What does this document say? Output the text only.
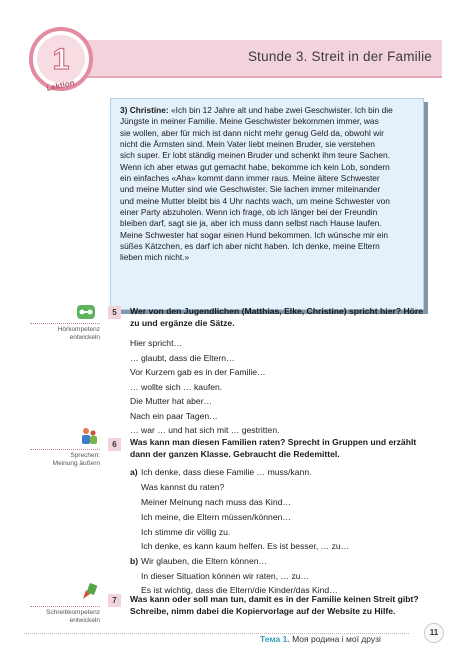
Stunde 3. Streit in der Familie
1
Lektion
3) Christine: «Ich bin 12 Jahre alt und habe zwei Geschwister. Ich bin die
Jüngste in meiner Familie. Meine Geschwister bekommen immer, was
sie wollen, aber für mich ist dann nicht mehr genug Geld da, obwohl wir
nicht die Ärmsten sind. Mein Vater liebt meinen Bruder, sie verstehen
sich super. Er lobt ständig meinen Bruder und schenkt ihm teure Sachen.
Wenn ich aber etwas gut gemacht habe, bekomme ich kein Lob, sondern
ein einfaches «Aha» kommt dann immer raus. Meine ältere Schwester
und meine Mutter sind wie Geschwister. Sie lachen immer miteinander
und meine Mutter bleibt bis 4 Uhr nachts wach, um meine Schwester von
einer Party abzuholen. Wenn ich frage, ob ich länger bei der Freundin
bleiben darf, sagt sie ja, aber ich muss dann selbst nach Hause laufen.
Meine Schwester hat sogar einen Hund bekommen. Ich wünsche mir ein
süßes Kätzchen, es darf ich aber nicht haben. Ich denke, meine Eltern
lieben mich nicht.»
Hörkompetenz
entwickeln
5	Wer von den Jugendlichen (Matthias, Elke, Christine) spricht hier? Höre
zu und ergänze die Sätze.
Hier spricht…
… glaubt, dass die Eltern…
Vor Kurzem gab es in der Familie…
… wollte sich … kaufen.
Die Mutter hat aber…
Nach ein paar Tagen…
… war … und hat sich mit … gestritten.
Sprechen:
Meinung äußern
6	Was kann man diesen Familien raten? Sprecht in Gruppen und erzählt
dann der ganzen Klasse. Gebraucht die Redemittel.
a) Ich denke, dass diese Familie … muss/kann.
Was kannst du raten?
Meiner Meinung nach muss das Kind…
Ich meine, die Eltern müssen/können…
Ich stimme dir völlig zu.
Ich denke, es kann kaum helfen. Es ist besser, … zu…
b) Wir glauben, die Eltern können…
In dieser Situation können wir raten, … zu…
Es ist wichtig, dass die Eltern/die Kinder/das Kind…
Schreibkompetenz
entwickeln
7	Was kann oder soll man tun, damit es in der Familie keinen Streit gibt?
Schreibe, nimm dabei die Kopiervorlage auf der Website zu Hilfe.
Тема 1. Моя родина і мої друзі
11
